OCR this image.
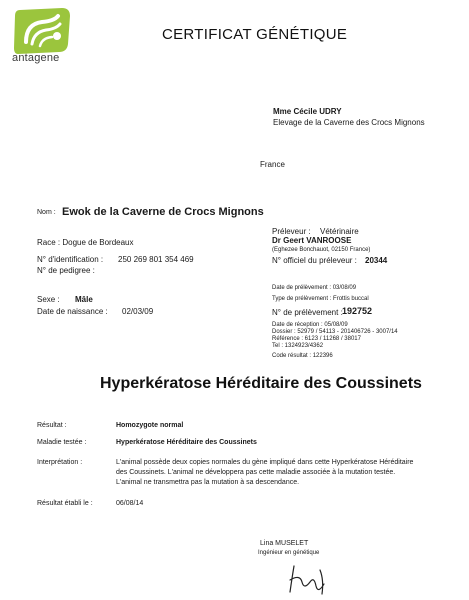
antagene
CERTIFICAT GÉNÉTIQUE
Mme Cécile UDRY
Elevage de la Caverne des Crocs Mignons
France
Nom : Ewok de la Caverne de Crocs Mignons
Race : Dogue de Bordeaux
N° d'identification : 250 269 801 354 469
N° de pedigree :
Sexe : Mâle
Date de naissance : 02/03/09
Préleveur : Vétérinaire
Dr Geert VANROOSE
(Eghezee Bonchauot, 02150 France)
N° officiel du préleveur : 20344
Date de prélèvement : 03/08/09
Type de prélèvement : Frottis buccal
N° de prélèvement : 192752
Date de réception : 05/08/09
Dossier : 52979 / 54113 - 201406726 - 3007/14
Référence : 6123 / 11268 / 38017
Tel : 1324923/4362
Code résultat : 122396
Hyperkératose Héréditaire des Coussinets
Résultat :	Homozygote normal
Maladie testée :	Hyperkératose Héréditaire des Coussinets
Interprétation :	L'animal possède deux copies normales du gène impliqué dans cette Hyperkératose Héréditaire
des Coussinets. L'animal ne développera pas cette maladie associée à la mutation testée.
L'animal ne transmettra pas la mutation à sa descendance.
Résultat établi le :	06/08/14
Lina MUSELET
Ingénieur en génétique
